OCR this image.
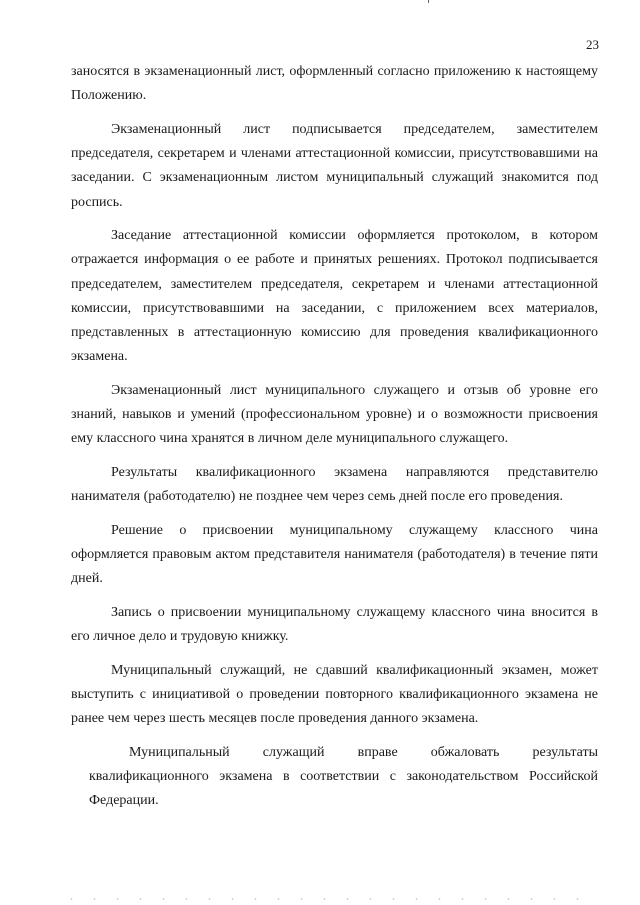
23

заносятся в экзаменационный лист, оформленный согласно приложению к настоящему Положению.

Экзаменационный лист подписывается председателем, заместителем председателя, секретарем и членами аттестационной комиссии, присутствовавшими на заседании. С экзаменационным листом муниципальный служащий знакомится под роспись.

Заседание аттестационной комиссии оформляется протоколом, в котором отражается информация о ее работе и принятых решениях. Протокол подписывается председателем, заместителем председателя, секретарем и членами аттестационной комиссии, присутствовавшими на заседании, с приложением всех материалов, представленных в аттестационную комиссию для проведения квалификационного экзамена.

Экзаменационный лист муниципального служащего и отзыв об уровне его знаний, навыков и умений (профессиональном уровне) и о возможности присвоения ему классного чина хранятся в личном деле муниципального служащего.

Результаты квалификационного экзамена направляются представителю нанимателя (работодателю) не позднее чем через семь дней после его проведения.

Решение о присвоении муниципальному служащему классного чина оформляется правовым актом представителя нанимателя (работодателя) в течение пяти дней.

Запись о присвоении муниципальному служащему классного чина вносится в его личное дело и трудовую книжку.

Муниципальный служащий, не сдавший квалификационный экзамен, может выступить с инициативой о проведении повторного квалификационного экзамена не ранее чем через шесть месяцев после проведения данного экзамена.

Муниципальный служащий вправе обжаловать результаты квалификационного экзамена в соответствии с законодательством Российской Федерации.
